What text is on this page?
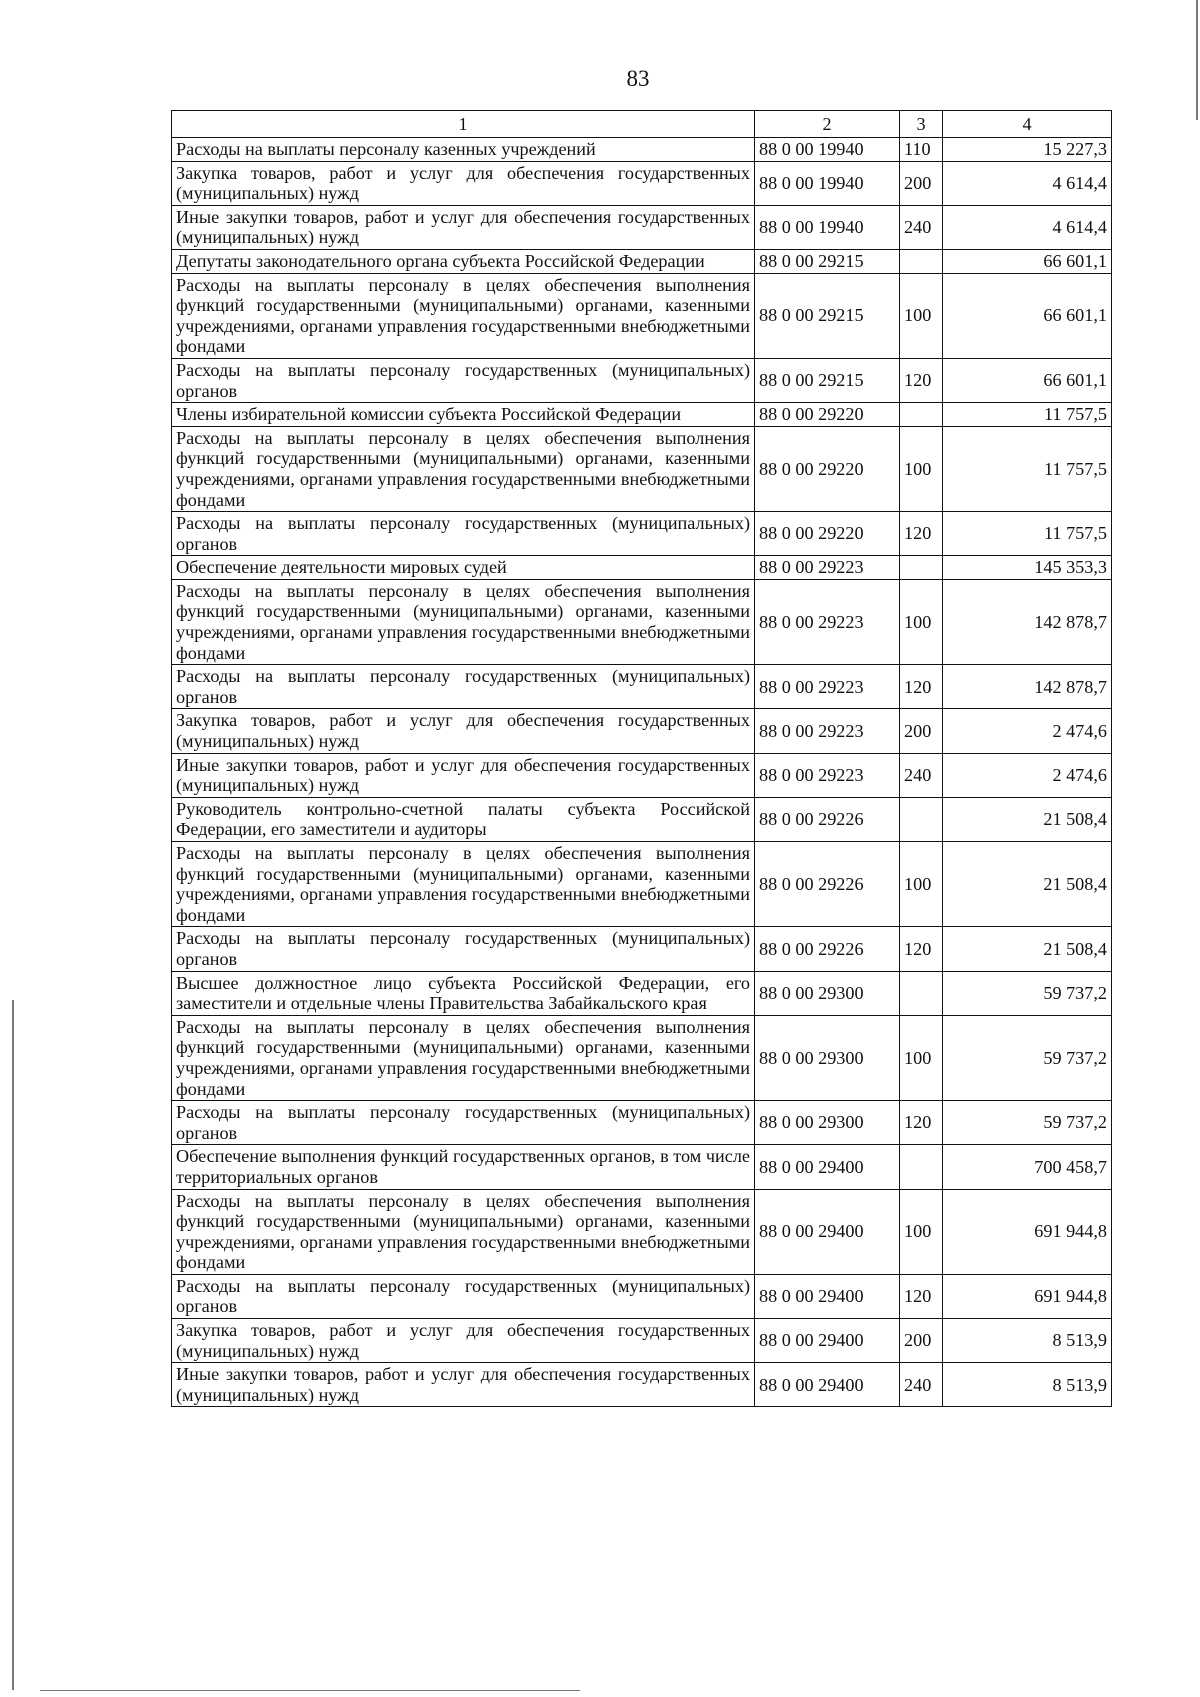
83
1	2	3	4
Расходы на выплаты персоналу казенных учреждений	88 0 00 19940	110	15 227,3
Закупка товаров, работ и услуг для обеспечения государственных (муниципальных) нужд	88 0 00 19940	200	4 614,4
Иные закупки товаров, работ и услуг для обеспечения государственных (муниципальных) нужд	88 0 00 19940	240	4 614,4
Депутаты законодательного органа субъекта Российской Федерации	88 0 00 29215		66 601,1
Расходы на выплаты персоналу в целях обеспечения выполнения функций государственными (муниципальными) органами, казенными учреждениями, органами управления государственными внебюджетными фондами	88 0 00 29215	100	66 601,1
Расходы на выплаты персоналу государственных (муниципальных) органов	88 0 00 29215	120	66 601,1
Члены избирательной комиссии субъекта Российской Федерации	88 0 00 29220		11 757,5
Расходы на выплаты персоналу в целях обеспечения выполнения функций государственными (муниципальными) органами, казенными учреждениями, органами управления государственными внебюджетными фондами	88 0 00 29220	100	11 757,5
Расходы на выплаты персоналу государственных (муниципальных) органов	88 0 00 29220	120	11 757,5
Обеспечение деятельности мировых судей	88 0 00 29223		145 353,3
Расходы на выплаты персоналу в целях обеспечения выполнения функций государственными (муниципальными) органами, казенными учреждениями, органами управления государственными внебюджетными фондами	88 0 00 29223	100	142 878,7
Расходы на выплаты персоналу государственных (муниципальных) органов	88 0 00 29223	120	142 878,7
Закупка товаров, работ и услуг для обеспечения государственных (муниципальных) нужд	88 0 00 29223	200	2 474,6
Иные закупки товаров, работ и услуг для обеспечения государственных (муниципальных) нужд	88 0 00 29223	240	2 474,6
Руководитель контрольно-счетной палаты субъекта Российской Федерации, его заместители и аудиторы	88 0 00 29226		21 508,4
Расходы на выплаты персоналу в целях обеспечения выполнения функций государственными (муниципальными) органами, казенными учреждениями, органами управления государственными внебюджетными фондами	88 0 00 29226	100	21 508,4
Расходы на выплаты персоналу государственных (муниципальных) органов	88 0 00 29226	120	21 508,4
Высшее должностное лицо субъекта Российской Федерации, его заместители и отдельные члены Правительства Забайкальского края	88 0 00 29300		59 737,2
Расходы на выплаты персоналу в целях обеспечения выполнения функций государственными (муниципальными) органами, казенными учреждениями, органами управления государственными внебюджетными фондами	88 0 00 29300	100	59 737,2
Расходы на выплаты персоналу государственных (муниципальных) органов	88 0 00 29300	120	59 737,2
Обеспечение выполнения функций государственных органов, в том числе территориальных органов	88 0 00 29400		700 458,7
Расходы на выплаты персоналу в целях обеспечения выполнения функций государственными (муниципальными) органами, казенными учреждениями, органами управления государственными внебюджетными фондами	88 0 00 29400	100	691 944,8
Расходы на выплаты персоналу государственных (муниципальных) органов	88 0 00 29400	120	691 944,8
Закупка товаров, работ и услуг для обеспечения государственных (муниципальных) нужд	88 0 00 29400	200	8 513,9
Иные закупки товаров, работ и услуг для обеспечения государственных (муниципальных) нужд	88 0 00 29400	240	8 513,9
